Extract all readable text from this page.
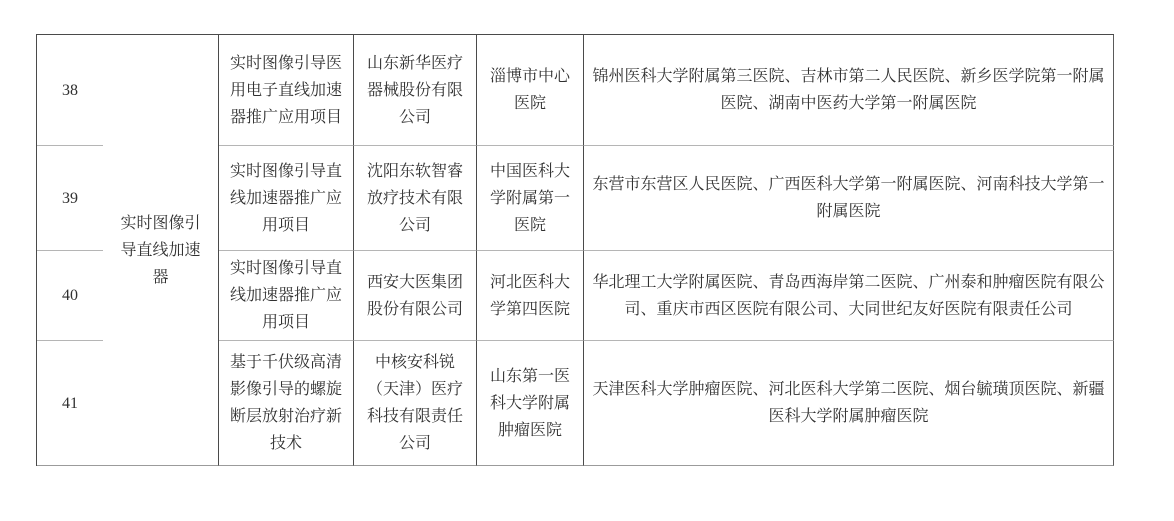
38	实时图像引导直线加速器	实时图像引导医用电子直线加速器推广应用项目	山东新华医疗器械股份有限公司	淄博市中心医院	锦州医科大学附属第三医院、吉林市第二人民医院、新乡医学院第一附属医院、湖南中医药大学第一附属医院
39		实时图像引导直线加速器推广应用项目	沈阳东软智睿放疗技术有限公司	中国医科大学附属第一医院	东营市东营区人民医院、广西医科大学第一附属医院、河南科技大学第一附属医院
40		实时图像引导直线加速器推广应用项目	西安大医集团股份有限公司	河北医科大学第四医院	华北理工大学附属医院、青岛西海岸第二医院、广州泰和肿瘤医院有限公司、重庆市西区医院有限公司、大同世纪友好医院有限责任公司
41		基于千伏级高清影像引导的螺旋断层放射治疗新技术	中核安科锐（天津）医疗科技有限责任公司	山东第一医科大学附属肿瘤医院	天津医科大学肿瘤医院、河北医科大学第二医院、烟台毓璜顶医院、新疆医科大学附属肿瘤医院
